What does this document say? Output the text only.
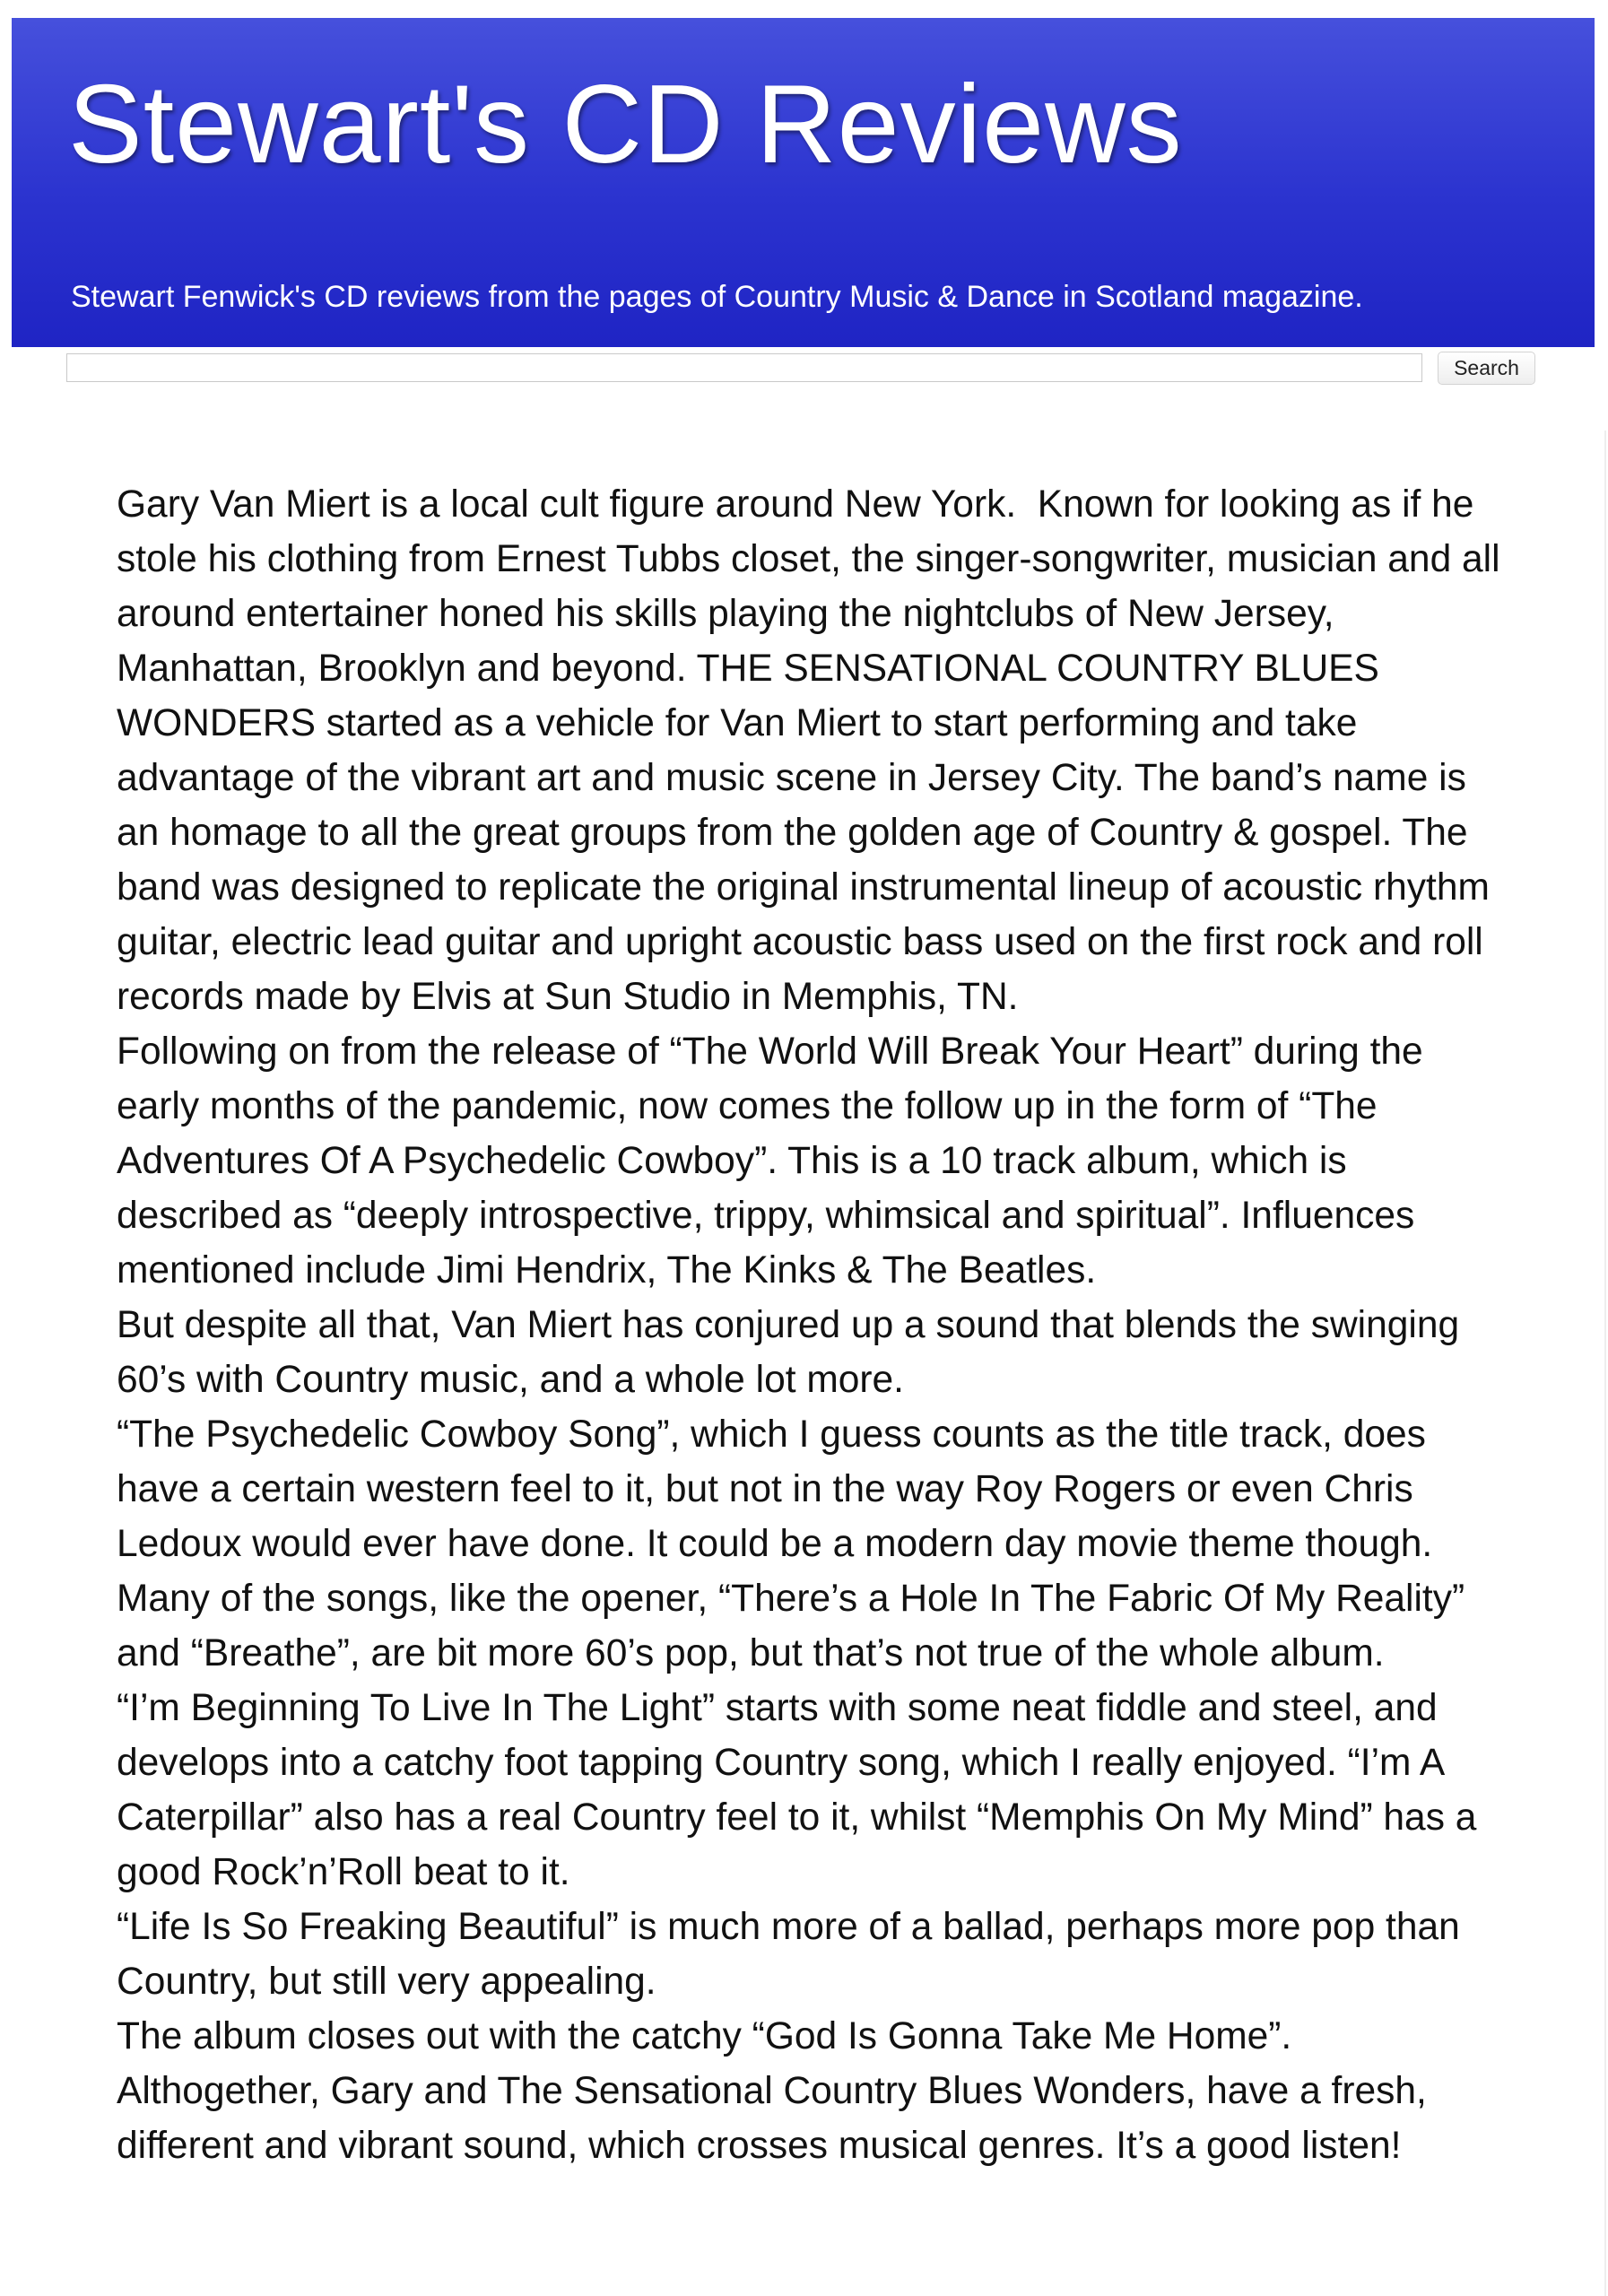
Stewart's CD Reviews

Stewart Fenwick's CD reviews from the pages of Country Music & Dance in Scotland magazine.

Search

Gary Van Miert is a local cult figure around New York.  Known for looking as if he stole his clothing from Ernest Tubbs closet, the singer-songwriter, musician and all around entertainer honed his skills playing the nightclubs of New Jersey, Manhattan, Brooklyn and beyond. THE SENSATIONAL COUNTRY BLUES WONDERS started as a vehicle for Van Miert to start performing and take advantage of the vibrant art and music scene in Jersey City. The band’s name is an homage to all the great groups from the golden age of Country & gospel. The band was designed to replicate the original instrumental lineup of acoustic rhythm guitar, electric lead guitar and upright acoustic bass used on the first rock and roll records made by Elvis at Sun Studio in Memphis, TN.

Following on from the release of “The World Will Break Your Heart” during the early months of the pandemic, now comes the follow up in the form of “The Adventures Of A Psychedelic Cowboy”. This is a 10 track album, which is described as “deeply introspective, trippy, whimsical and spiritual”. Influences mentioned include Jimi Hendrix, The Kinks & The Beatles.

But despite all that, Van Miert has conjured up a sound that blends the swinging 60’s with Country music, and a whole lot more.

“The Psychedelic Cowboy Song”, which I guess counts as the title track, does have a certain western feel to it, but not in the way Roy Rogers or even Chris Ledoux would ever have done. It could be a modern day movie theme though.

Many of the songs, like the opener, “There’s a Hole In The Fabric Of My Reality” and “Breathe”, are bit more 60’s pop, but that’s not true of the whole album.

“I’m Beginning To Live In The Light” starts with some neat fiddle and steel, and develops into a catchy foot tapping Country song, which I really enjoyed. “I’m A Caterpillar” also has a real Country feel to it, whilst “Memphis On My Mind” has a good Rock’n’Roll beat to it.

“Life Is So Freaking Beautiful” is much more of a ballad, perhaps more pop than Country, but still very appealing.

The album closes out with the catchy “God Is Gonna Take Me Home”.

Althogether, Gary and The Sensational Country Blues Wonders, have a fresh, different and vibrant sound, which crosses musical genres. It’s a good listen!
